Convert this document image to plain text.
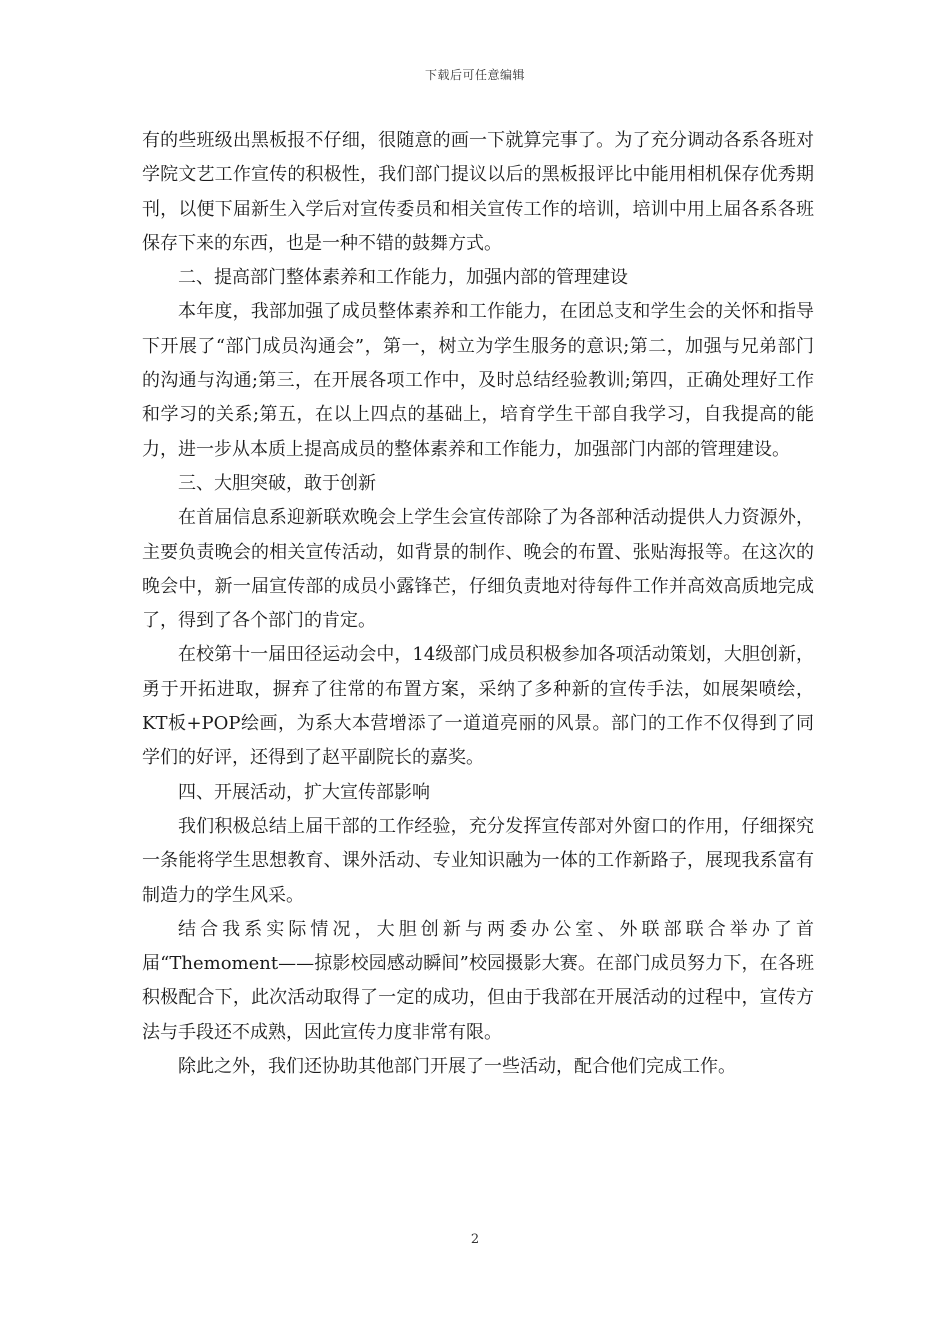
下载后可任意编辑

有的些班级出黑板报不仔细，很随意的画一下就算完事了。为了充分调动各系各班对学院文艺工作宣传的积极性，我们部门提议以后的黑板报评比中能用相机保存优秀期刊，以便下届新生入学后对宣传委员和相关宣传工作的培训，培训中用上届各系各班保存下来的东西，也是一种不错的鼓舞方式。

二、提高部门整体素养和工作能力，加强内部的管理建设

本年度，我部加强了成员整体素养和工作能力，在团总支和学生会的关怀和指导下开展了“部门成员沟通会”，第一，树立为学生服务的意识;第二，加强与兄弟部门的沟通与沟通;第三，在开展各项工作中，及时总结经验教训;第四，正确处理好工作和学习的关系;第五，在以上四点的基础上，培育学生干部自我学习，自我提高的能力，进一步从本质上提高成员的整体素养和工作能力，加强部门内部的管理建设。

三、大胆突破，敢于创新

在首届信息系迎新联欢晚会上学生会宣传部除了为各部种活动提供人力资源外，主要负责晚会的相关宣传活动，如背景的制作、晚会的布置、张贴海报等。在这次的晚会中，新一届宣传部的成员小露锋芒，仔细负责地对待每件工作并高效高质地完成了，得到了各个部门的肯定。

在校第十一届田径运动会中，14级部门成员积极参加各项活动策划，大胆创新，勇于开拓进取，摒弃了往常的布置方案，采纳了多种新的宣传手法，如展架喷绘，KT板+POP绘画，为系大本营增添了一道道亮丽的风景。部门的工作不仅得到了同学们的好评，还得到了赵平副院长的嘉奖。

四、开展活动，扩大宣传部影响

我们积极总结上届干部的工作经验，充分发挥宣传部对外窗口的作用，仔细探究一条能将学生思想教育、课外活动、专业知识融为一体的工作新路子，展现我系富有制造力的学生风采。

结合我系实际情况，大胆创新与两委办公室、外联部联合举办了首届“Themoment——掠影校园感动瞬间”校园摄影大赛。在部门成员努力下，在各班积极配合下，此次活动取得了一定的成功，但由于我部在开展活动的过程中，宣传方法与手段还不成熟，因此宣传力度非常有限。

除此之外，我们还协助其他部门开展了一些活动，配合他们完成工作。

2
